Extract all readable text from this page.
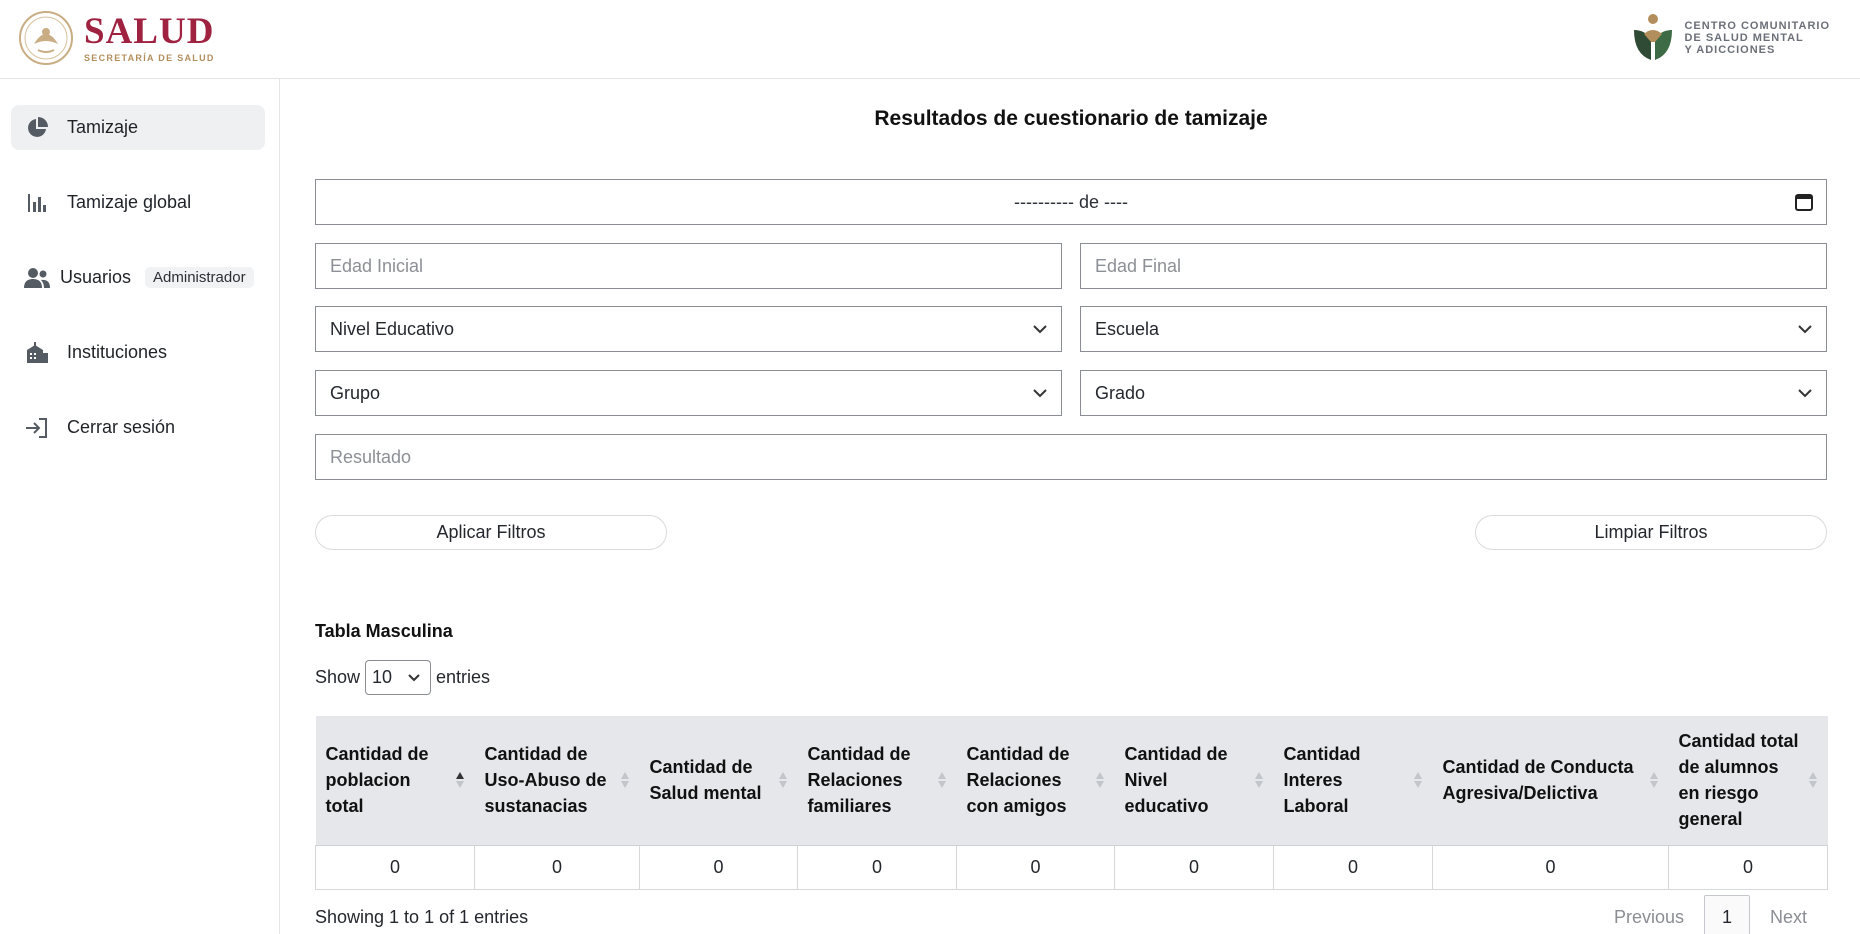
SALUD
SECRETARÍA DE SALUD
CENTRO COMUNITARIO
DE SALUD MENTAL
Y ADICCIONES
Tamizaje
Tamizaje global
Usuarios	Administrador
Instituciones
Cerrar sesión
Resultados de cuestionario de tamizaje
---------- de ----
Edad Inicial	Edad Final
Nivel Educativo	Escuela
Grupo	Grado
Resultado
Aplicar Filtros	Limpiar Filtros
Tabla Masculina
Show 10 entries
Cantidad de poblacion total	Cantidad de Uso-Abuso de sustanacias	Cantidad de Salud mental	Cantidad de Relaciones familiares	Cantidad de Relaciones con amigos	Cantidad de Nivel educativo	Cantidad Interes Laboral	Cantidad de Conducta Agresiva/Delictiva	Cantidad total de alumnos en riesgo general

0	0	0	0	0	0	0	0	0
Showing 1 to 1 of 1 entries	Previous	1	Next
